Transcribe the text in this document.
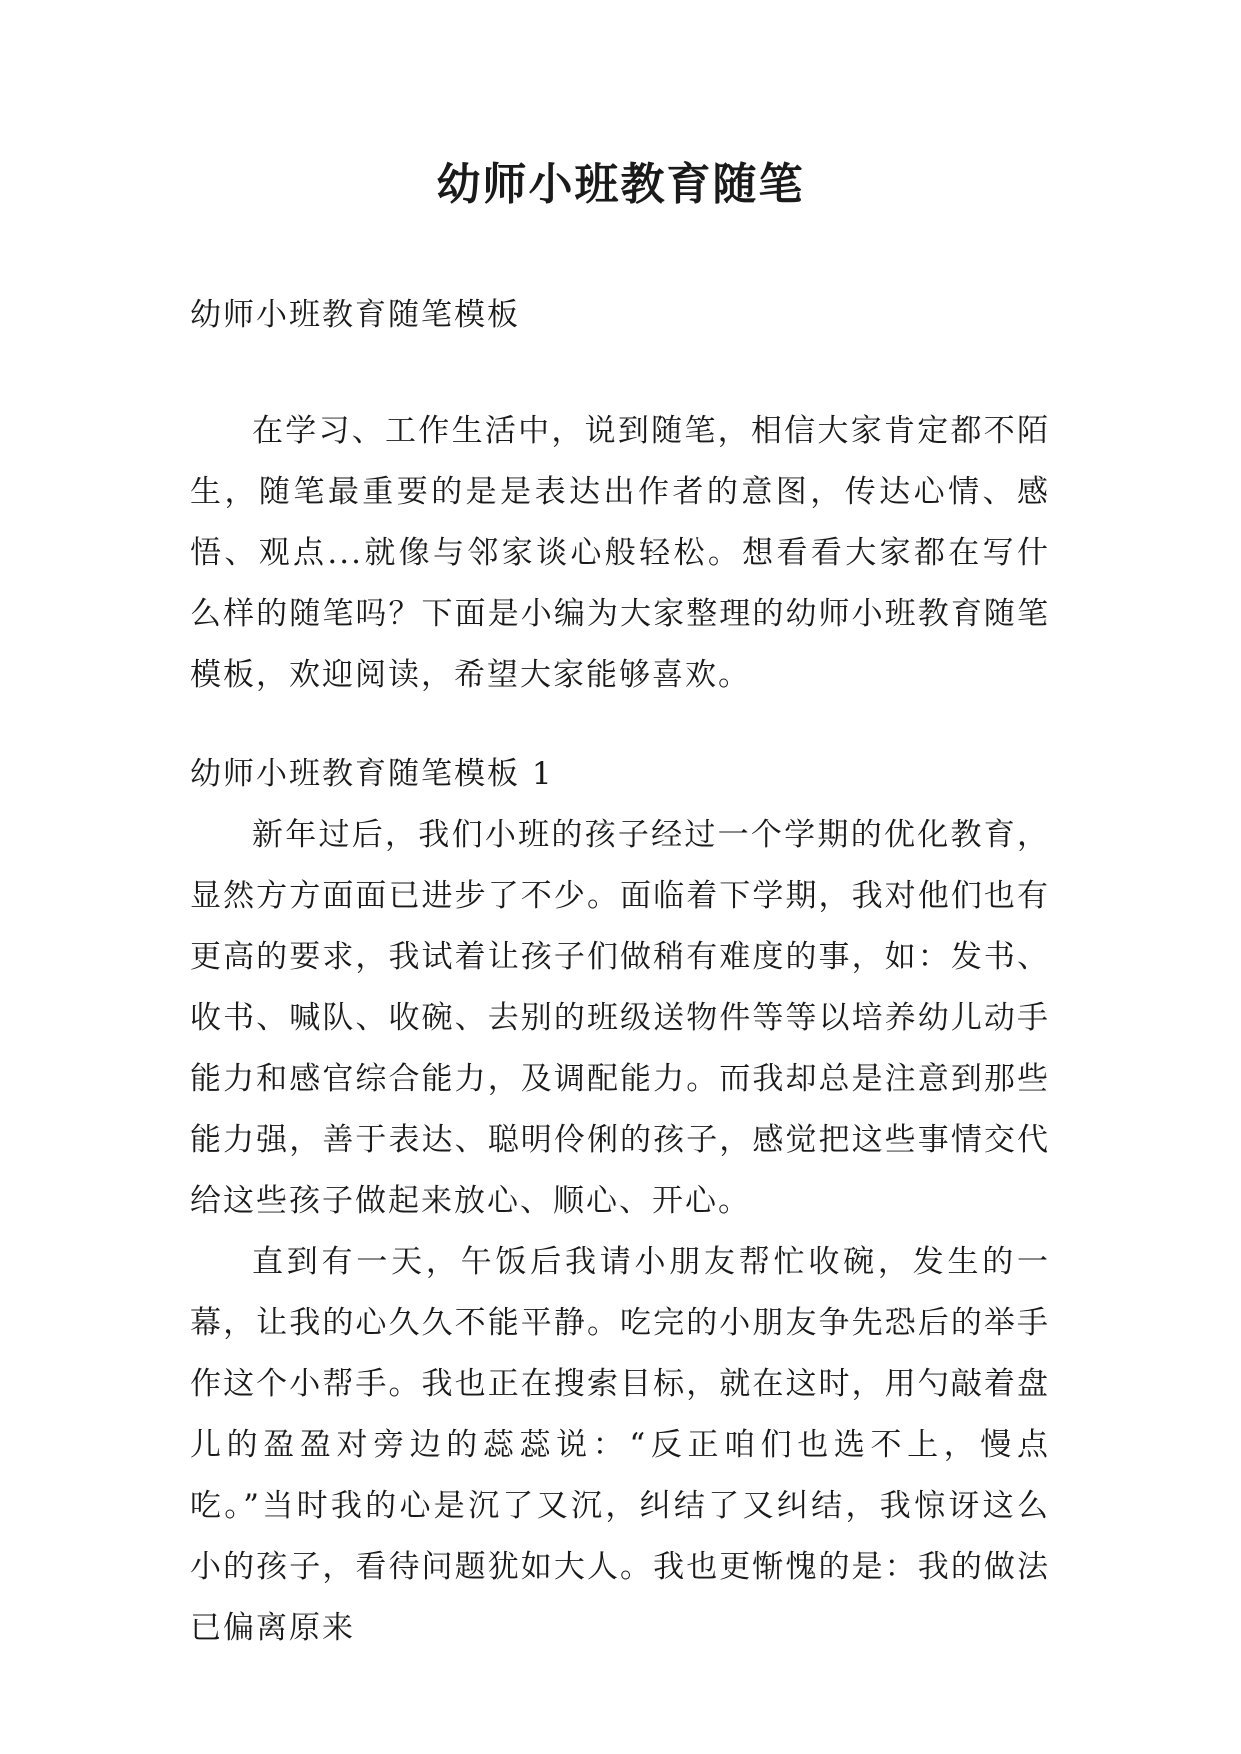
幼师小班教育随笔

幼师小班教育随笔模板

在学习、工作生活中，说到随笔，相信大家肯定都不陌生，随笔最重要的是是表达出作者的意图，传达心情、感悟、观点...就像与邻家谈心般轻松。想看看大家都在写什么样的随笔吗？下面是小编为大家整理的幼师小班教育随笔模板，欢迎阅读，希望大家能够喜欢。

幼师小班教育随笔模板 1

新年过后，我们小班的孩子经过一个学期的优化教育，显然方方面面已进步了不少。面临着下学期，我对他们也有更高的要求，我试着让孩子们做稍有难度的事，如：发书、收书、喊队、收碗、去别的班级送物件等等以培养幼儿动手能力和感官综合能力，及调配能力。而我却总是注意到那些能力强，善于表达、聪明伶俐的孩子，感觉把这些事情交代给这些孩子做起来放心、顺心、开心。

直到有一天，午饭后我请小朋友帮忙收碗，发生的一幕，让我的心久久不能平静。吃完的小朋友争先恐后的举手作这个小帮手。我也正在搜索目标，就在这时，用勺敲着盘儿的盈盈对旁边的蕊蕊说：“反正咱们也选不上，慢点吃。”当时我的心是沉了又沉，纠结了又纠结，我惊讶这么小的孩子，看待问题犹如大人。我也更惭愧的是：我的做法已偏离原来
